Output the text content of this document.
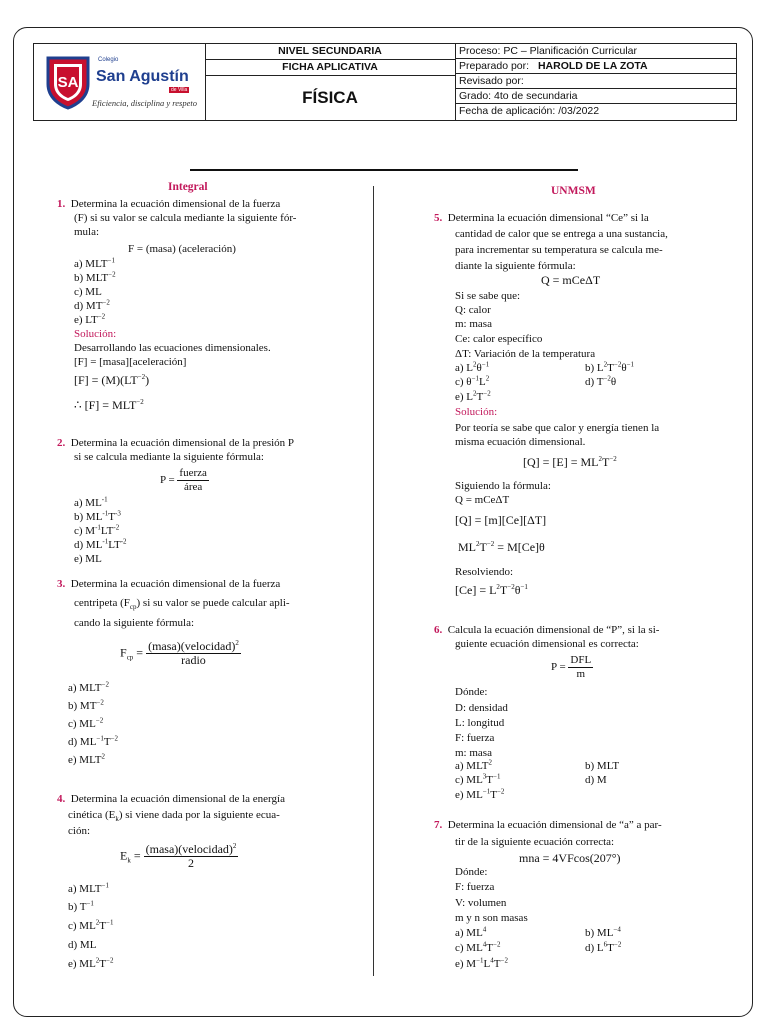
SA
Colegio
San Agustín
de Villa
Eficiencia, disciplina y respeto
NIVEL SECUNDARIA
FICHA APLICATIVA
FÍSICA
Proceso: PC – Planificación Curricular
Preparado por: HAROLD DE LA ZOTA
Revisado por:
Grado: 4to de secundaria
Fecha de aplicación: /03/2022
Integral
1. Determina la ecuación dimensional de la fuerza
(F) si su valor se calcula mediante la siguiente fór-
mula:
F = (masa) (aceleración)
a) $MLT^{-1}$
b) $MLT^{-2}$
c) ML
d) $MT^{-2}$
e) $LT^{-2}$
Solución:
Desarrollando las ecuaciones dimensionales.
[F] = [masa][aceleración]
$[F] = (M)(LT^{-2})$
∴ $[F] = MLT^{-2}$
2. Determina la ecuación dimensional de la presión P
si se calcula mediante la siguiente fórmula:
$P = \frac{\text{fuerza}}{\text{área}}$
a) $ML^{-1}$
b) $ML^{-1}T^{-3}$
c) $M^{-1}LT^{-2}$
d) $ML^{-1}LT^{-2}$
e) ML
3. Determina la ecuación dimensional de la fuerza
centripeta $(F_{cp})$ si su valor se puede calcular apli-
cando la siguiente fórmula:
$F_{cp} = \frac{(masa)(velocidad)^2}{\text{radio}}$
a) $MLT^{-2}$
b) $MT^{-2}$
c) $ML^{-2}$
d) $ML^{-1}T^{-2}$
e) MLT$^2$
4. Determina la ecuación dimensional de la energía
cinética $(E_k)$ si viene dada por la siguiente ecua-
ción:
$E_k = \frac{(masa)(velocidad)^2}{2}$
a) $MLT^{-1}$
b) $T^{-1}$
c) $ML^2T^{-1}$
d) ML
e) $ML^2T^{-2}$
UNMSM
5. Determina la ecuación dimensional “Ce” si la
cantidad de calor que se entrega a una sustancia,
para incrementar su temperatura se calcula me-
diante la siguiente fórmula:
Q = mCeΔT
Si se sabe que:
Q: calor
m: masa
Ce: calor específico
ΔT: Variación de la temperatura
a) $L^2\theta^{-1}$	b) $L^2T^{-2}\theta^{-1}$
c) $\theta^{-1}L^2$	d) $T^{-2}\theta$
e) $L^2T^{-2}$
Solución:
Por teoría se sabe que calor y energía tienen la
misma ecuación dimensional.
$[Q] = [E] = ML^2T^{-2}$
Siguiendo la fórmula:
Q = mCeΔT
[Q] = [m][Ce][ΔT]
$ML^2T^{-2} = M[Ce]\theta$
Resolviendo:
$[Ce] = L^2T^{-2}\theta^{-1}$
6. Calcula la ecuación dimensional de “P”, si la si-
guiente ecuación dimensional es correcta:
$P = \frac{\text{DFL}}{m}$
Dónde:
D: densidad
L: longitud
F: fuerza
m: masa
a) MLT$^2$	b) MLT
c) $ML^3T^{-1}$	d) M
e) $ML^{-1}T^{-2}$
7. Determina la ecuación dimensional de “a” a par-
tir de la siguiente ecuación correcta:
mna = 4VFcos(207°)
Dónde:
F: fuerza
V: volumen
m y n son masas
a) $ML^4$	b) $ML^{-4}$
c) $ML^4T^{-2}$	d) $L^6T^{-2}$
e) $M^{-1}L^4T^{-2}$
